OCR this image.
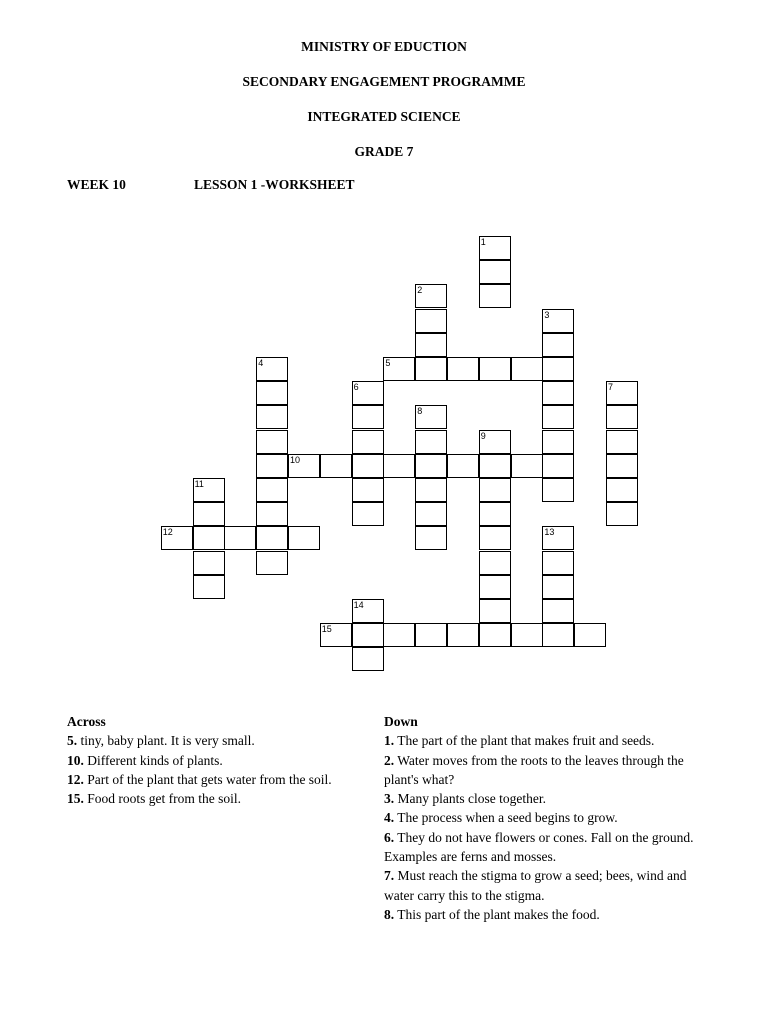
MINISTRY OF EDUCTION
SECONDARY ENGAGEMENT PROGRAMME
INTEGRATED SCIENCE
GRADE 7
WEEK 10	LESSON 1 -WORKSHEET
1
2
3
4	5
6	7
8
9
10
11
12	13
14
15
Across
5. tiny, baby plant. It is very small.
10. Different kinds of plants.
12. Part of the plant that gets water from the soil.
15. Food roots get from the soil.
Down
1. The part of the plant that makes fruit and seeds.
2. Water moves from the roots to the leaves through the plant's what?
3. Many plants close together.
4. The process when a seed begins to grow.
6. They do not have flowers or cones. Fall on the ground. Examples are ferns and mosses.
7. Must reach the stigma to grow a seed; bees, wind and water carry this to the stigma.
8. This part of the plant makes the food.
